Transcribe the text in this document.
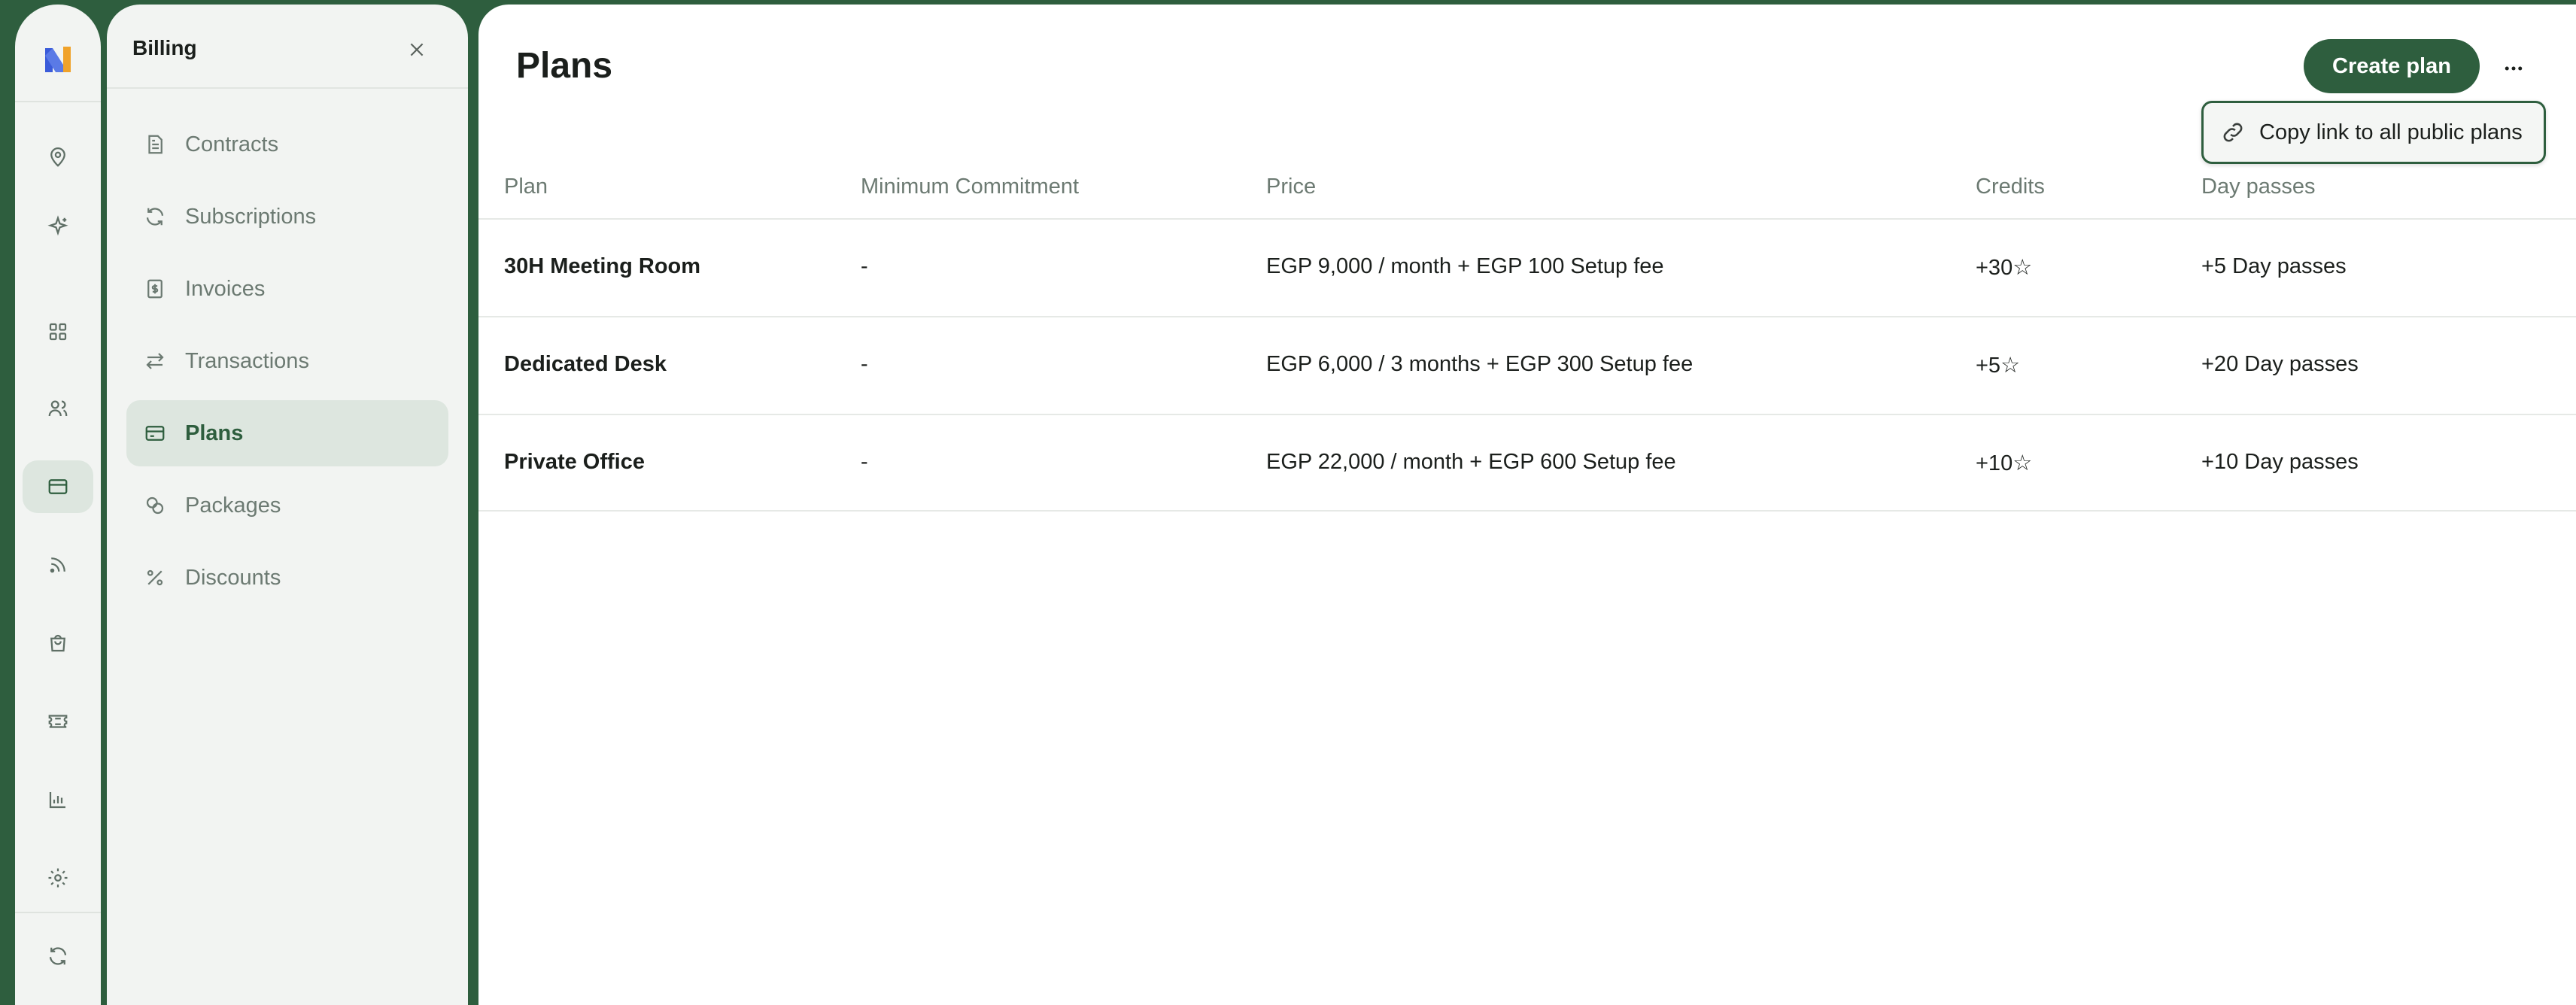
Billing
Contracts
Subscriptions
Invoices
Transactions
Plans
Packages
Discounts
Plans	Create plan
Copy link to all public plans
Plan	Minimum Commitment	Price	Credits	Day passes
30H Meeting Room	-	EGP 9,000 / month + EGP 100 Setup fee	+30☆	+5 Day passes
Dedicated Desk	-	EGP 6,000 / 3 months + EGP 300 Setup fee	+5☆	+20 Day passes
Private Office	-	EGP 22,000 / month + EGP 600 Setup fee	+10☆	+10 Day passes
